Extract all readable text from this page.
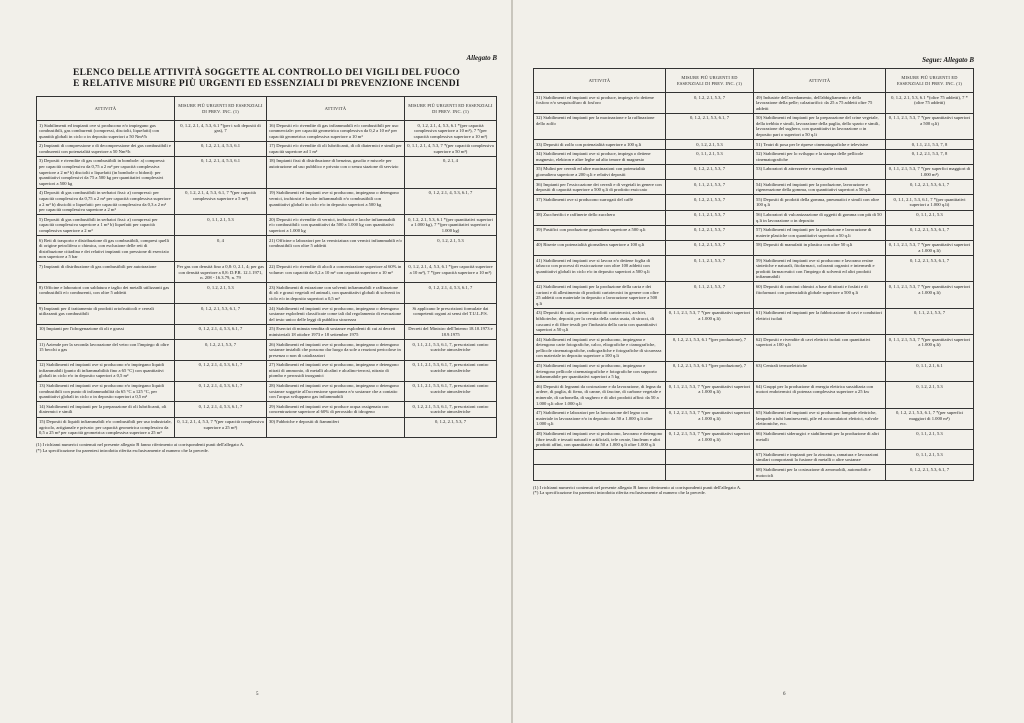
Allegato B
ELENCO DELLE ATTIVITÀ SOGGETTE AL CONTROLLO DEI VIGILI DEL FUOCO
E RELATIVE MISURE PIÙ URGENTI ED ESSENZIALI DI PREVENZIONE INCENDI
ATTIVITÀ	MISURE PIÙ URGENTI ED ESSENZIALI DI PREV. INC. (1)	ATTIVITÀ	MISURE PIÙ URGENTI ED ESSENZIALI DI PREV. INC. (1)
1) Stabilimenti ed impianti ove si producono e/o impiegano gas combustibili, gas comburenti (compressi, disciolti, liquefatti) con quantità globali in ciclo o in deposito superiori a 50 Nm³/h	0, 1.2, 2.1, 4, 5.3, 6.1 *(per i soli depositi di gas), 7	16) Depositi e/o rivendite di gas infiammabili e/o combustibili per uso commerciale: per capacità geometrica complessiva da 0,2 a 10 m³ per capacità geometrica complessiva superiore a 10 m³	0, 1.2, 2.1, 4, 5.3, 6.1 *(per capacità complessiva superiore a 10 m³), 7 *(per capacità complessiva superiore a 10 m³)
2) Impianti di compressione o di decompressione dei gas combustibili e comburenti con potenzialità superiore a 50 Nm³/h	0, 1.2, 2.1, 4, 5.3, 6.1	17) Depositi e/o rivendite di oli lubrificanti, di oli diatermici e simili per capacità superiore ad 1 m³	0, 1.1, 2.1, 4, 5.3, 7 *(per capacità complessiva superiore a 50 m³)
3) Depositi e rivendite di gas combustibili in bombole: a) compressi: per capacità complessiva da 0,75 a 2 m³ per capacità complessiva superiore a 2 m³ b) disciolti o liquefatti (in bombole o bidoni): per quantitativi complessivi da 75 a 500 kg per quantitativi complessivi superiori a 500 kg	0, 1.2, 2.1, 4, 5.3, 6.1	18) Impianti fissi di distribuzione di benzina, gasolio e miscele per autotrazione ad uso pubblico e privato con o senza stazione di servizio	0, 2.1, 4
4) Depositi di gas combustibili in serbatoi fissi: a) compressi: per capacità complessiva da 0,75 a 2 m³ per capacità complessiva superiore a 2 m³ b) disciolti o liquefatti: per capacità complessiva da 0,3 a 2 m³ per capacità complessiva superiore a 2 m³	0, 1.2, 2.1, 4, 5.3, 6.1, 7 *(per capacità complessiva superiore a 5 m³)	19) Stabilimenti ed impianti ove si producono, impiegano o detengono vernici, inchiostri e lacche infiammabili e/o combustibili con quantitativi globali in ciclo e/o in deposito superiori a 500 kg	0, 1.2, 2.1, 4, 5.3, 6.1, 7
5) Depositi di gas combustibili in serbatoi fissi: a) compressi per capacità complessiva superiore a 1 m³ b) liquefatti per capacità complessiva superiore a 2 m³	0, 1.1, 2.1, 5.3	20) Depositi e/o rivendite di vernici, inchiostri e lacche infiammabili e/o combustibili: con quantitativi da 500 a 1.000 kg con quantitativi superiori a 1.000 kg	0, 1.2, 2.1, 5.3, 6.1 *(per quantitativi superiori a 1.000 kg), 7 *(per quantitativi superiori a 1.000 kg)
6) Reti di trasporto e distribuzione di gas combustibili, compresi quelli di origine petrolifera o chimica, con esclusione delle reti di distribuzione cittadina e dei relativi impianti con pressione di esercizio non superiore a 5 bar	0, 4	21) Officine o laboratori per la verniciatura con vernici infiammabili e/o combustibili con oltre 5 addetti	0, 1.2, 2.1, 5.3
7) Impianti di distribuzione di gas combustibili per autotrazione	Per gas con densità fino a 0,8: 0, 2.1, 4; per gas con densità superiore a 0,8: D.P.R. 12.1.1971, n. 208 - 16.3.79, n. 79	22) Depositi e/o rivendite di alcoli a concentrazione superiore al 60% in volume: con capacità da 0,2 a 10 m³ con capacità superiore a 10 m³	0, 1.2, 2.1, 4, 5.3, 6.1 *(per capacità superiore a 10 m³), 7 *(per capacità superiore a 10 m³)
8) Officine e laboratori con saldatura e taglio dei metalli utilizzanti gas combustibili e/o comburenti, con oltre 5 addetti	0, 1.2, 2.1, 5.3	23) Stabilimenti di estrazione con solventi infiammabili e raffinazione di oli e grassi vegetali ed animali, con quantitativi globali di solventi in ciclo e/o in deposito superiori a 0,5 m³	0, 1.2, 2.1, 4, 5.3, 6.1, 7
9) Impianti per il trattamento di prodotti ortofrutticoli e cereali utilizzanti gas combustibili	0, 1.2, 2.1, 5.3, 6.1, 7	24) Stabilimenti ed impianti ove si producono, impiegano o detengono sostanze esplodenti classificate come tali dal regolamento di esecuzione del testo unico delle leggi di pubblica sicurezza	Si applicano le prescrizioni formulate dai competenti organi ai sensi del T.U.L.P.S.
10) Impianti per l'idrogenazione di oli e grassi	0, 1.2, 2.1, 4, 5.3, 6.1, 7	25) Esercizi di minuta vendita di sostanze esplodenti di cui ai decreti ministeriali 18 ottobre 1973 e 18 settembre 1975	Decreti del Ministro dell'Interno 18.10.1973 e 18.9.1975
11) Aziende per la seconda lavorazione del vetro con l'impiego di oltre 15 becchi a gas	0, 1.2, 2.1, 5.3, 7	26) Stabilimenti ed impianti ove si producono, impiegano o detengono sostanze instabili che possono dar luogo da sole a reazioni pericolose in presenza o non di catalizzatori	0, 1.1, 2.1, 5.3, 6.1, 7, prescrizioni contro scariche atmosferiche
12) Stabilimenti ed impianti ove si producono e/o impiegano liquidi infiammabili (punto di infiammabilità fino a 65 °C) con quantitativi globali in ciclo e/o in deposito superiori a 0,5 m³	0, 1.2, 2.1, 4, 5.3, 6.1, 7	27) Stabilimenti ed impianti ove si producono, impiegano e detengono nitrati di ammonio, di metalli alcalini e alcalino-terrosi, nitrato di piombo e perossidi inorganici	0, 1.1, 2.1, 5.3, 6.1, 7, prescrizioni contro scariche atmosferiche
13) Stabilimenti ed impianti ove si producono e/o impiegano liquidi combustibili con punto di infiammabilità da 65 °C a 125 °C, per quantitativi globali in ciclo o in deposito superiori a 0,5 m³	0, 1.2, 2.1, 4, 5.3, 6.1, 7	28) Stabilimenti ed impianti ove si producono, impiegano o detengono sostanze soggette all'accensione spontanea e/o sostanze che a contatto con l'acqua sviluppano gas infiammabili	0, 1.1, 2.1, 5.3, 6.1, 7, prescrizioni contro scariche atmosferiche
14) Stabilimenti ed impianti per la preparazione di oli lubrificanti, oli diatermici e simili	0, 1.2, 2.1, 4, 5.3, 6.1, 7	29) Stabilimenti ed impianti ove si produce acqua ossigenata con concentrazione superiore al 60% di perossido di idrogeno	0, 1.2, 2.1, 5.3, 6.1, 7, prescrizioni contro scariche atmosferiche
15) Depositi di liquidi infiammabili e/o combustibili per uso industriale, agricolo, artigianale e privato: per capacità geometrica complessiva da 0,5 a 25 m³ per capacità geometrica complessiva superiore a 25 m³	0, 1.2, 2.1, 4, 5.3, 7 *(per capacità complessiva superiore a 25 m³)	30) Fabbriche e depositi di fiammiferi	0, 1.2, 2.1, 5.3, 7
(1) I richiami numerici contenuti nel presente allegato B fanno riferimento ai corrispondenti punti dell'allegato A.
(*) La specificazione fra parentesi introdotta riferita esclusivamente al numero che la precede.
5
Segue: Allegato B
ATTIVITÀ	MISURE PIÙ URGENTI ED ESSENZIALI DI PREV. INC. (1)	ATTIVITÀ	MISURE PIÙ URGENTI ED ESSENZIALI DI PREV. INC. (1)
31) Stabilimenti ed impianti ove si produce, impiega e/o detiene fosforo e/o sesquisolfuro di fosforo	0, 1.2, 2.1, 5.3, 7	49) Industrie dell'arredamento, dell'abbigliamento e della lavorazione della pelle; calzaturifici: da 25 a 75 addetti oltre 75 addetti	0, 1.2, 2.1, 5.3, 6.1 *(oltre 75 addetti), 7 *(oltre 75 addetti)
32) Stabilimenti ed impianti per la macinazione e la raffinazione dello zolfo	0, 1.2, 2.1, 5.3, 6.1, 7	50) Stabilimenti ed impianti per la preparazione del crine vegetale, della trebbia e simili, lavorazione della paglia, dello sparto e simili, lavorazione del sughero, con quantitativi in lavorazione o in deposito pari o superiori a 50 q.li	0, 1.1, 2.1, 5.3, 7 *(per quantitativi superiori a 500 q.li)
33) Depositi di zolfo con potenzialità superiore a 100 q.li	0, 1.2, 2.1, 5.3	51) Teatri di posa per le riprese cinematografiche e televisive	0, 1.1, 2.1, 5.3, 7, 8
34) Stabilimenti ed impianti ove si produce, impiega o detiene magnesio, elektron e altre leghe ad alto tenore di magnesio	0, 1.1, 2.1, 5.3	52) Stabilimenti per lo sviluppo e la stampa delle pellicole cinematografiche	0, 1.2, 2.1, 5.3, 7, 8
35) Mulini per cereali ed altre macinazioni con potenzialità giornaliera superiore a 200 q.li e relativi depositi	0, 1.2, 2.1, 5.3, 7	53) Laboratori di attrezzerie e scenografie teatrali	0, 1.1, 2.1, 5.3, 7 *(per superfici maggiori di 1.000 m²)
36) Impianti per l'essiccazione dei cereali e di vegetali in genere con depositi di capacità superiore a 500 q.li di prodotto essiccato	0, 1.1, 2.1, 5.3, 7	54) Stabilimenti ed impianti per la produzione, lavorazione e rigenerazione della gomma, con quantitativi superiori a 50 q.li	0, 1.2, 2.1, 5.3, 6.1, 7
37) Stabilimenti ove si producono surrogati del caffè	0, 1.2, 2.1, 5.3, 7	55) Depositi di prodotti della gomma, pneumatici e simili con oltre 100 q.li	0, 1.1, 2.1, 5.3, 6.1, 7 *(per quantitativi superiori a 1.000 q.li)
38) Zuccherifici e raffinerie dello zucchero	0, 1.1, 2.1, 5.3, 7	56) Laboratori di vulcanizzazione di oggetti di gomma con più di 50 q.li in lavorazione o in deposito	0, 1.1, 2.1, 5.3
39) Pastifici con produzione giornaliera superiore a 500 q.li	0, 1.2, 2.1, 5.3, 7	57) Stabilimenti ed impianti per la produzione e lavorazione di materie plastiche con quantitativi superiori a 50 q.li	0, 1.2, 2.1, 5.3, 6.1, 7
40) Riserie con potenzialità giornaliera superiore a 100 q.li	0, 1.2, 2.1, 5.3, 7	58) Depositi di manufatti in plastica con oltre 50 q.li	0, 1.1, 2.1, 5.3, 7 *(per quantitativi superiori a 1.000 q.li)
41) Stabilimenti ed impianti ove si lavora e/o detiene foglia di tabacco con processi di essiccazione con oltre 100 addetti con quantitativi globali in ciclo e/o in deposito superiori a 500 q.li	0, 1.1, 2.1, 5.3, 7	59) Stabilimenti ed impianti ove si producono e lavorano resine sintetiche e naturali, fitofarmaci, coloranti organici e intermedi e prodotti farmaceutici con l'impiego di solventi ed altri prodotti infiammabili	0, 1.2, 2.1, 5.3, 6.1, 7
42) Stabilimenti ed impianti per la produzione della carta e dei cartoni e di allestimento di prodotti cartotecnici in genere con oltre 25 addetti con materiale in deposito o lavorazione superiore a 500 q.li	0, 1.1, 2.1, 5.3, 7	60) Depositi di concimi chimici a base di nitrati e fosfati e di fitofarmaci con potenzialità globale superiore a 500 q.li	0, 1.1, 2.1, 5.3, 7 *(per quantitativi superiori a 1.000 q.li)
43) Depositi di carta, cartoni e prodotti cartotecnici, archivi, biblioteche, depositi per la cernita della carta usata, di stracci, di cascami e di fibre tessili per l'industria della carta con quantitativi superiori a 50 q.li	0, 1.1, 2.1, 5.3, 7 *(per quantitativi superiori a 1.000 q.li)	61) Stabilimenti ed impianti per la fabbricazione di cavi e conduttori elettrici isolati	0, 1.1, 2.1, 5.3, 7
44) Stabilimenti ed impianti ove si producono, impiegano e detengono carte fotografiche, calco, eliografiche e cianografiche, pellicole cinematografiche, radiografiche e fotografiche di sicurezza con materiale in deposito superiore a 100 q.li	0, 1.2, 2.1, 5.3, 6.1 *(per produzione), 7	62) Depositi e rivendite di cavi elettrici isolati con quantitativi superiori a 100 q.li	0, 1.1, 2.1, 5.3, 7 *(per quantitativi superiori a 1.000 q.li)
45) Stabilimenti ed impianti ove si producono, impiegano e detengono pellicole cinematografiche e fotografiche con supporto infiammabile per quantitativi superiori a 5 kg	0, 1.2, 2.1, 5.3, 6.1 *(per produzione), 7	63) Centrali termoelettriche	0, 1.1, 2.1, 6.1
46) Depositi di legnami da costruzione e da lavorazione, di legna da ardere, di paglia, di fieno, di canne, di fascine, di carbone vegetale e minerale, di carbonella, di sughero e di altri prodotti affini: da 50 a 1.000 q.li oltre 1.000 q.li	0, 1.1, 2.1, 5.3, 7 *(per quantitativi superiori a 1.000 q.li)	64) Gruppi per la produzione di energia elettrica sussidiaria con motori endotermici di potenza complessiva superiore a 25 kw	0, 1.2, 2.1, 5.3
47) Stabilimenti e laboratori per la lavorazione del legno con materiale in lavorazione e/o in deposito: da 50 a 1.000 q.li oltre 1.000 q.li	0, 1.2, 2.1, 5.3, 7 *(per quantitativi superiori a 1.000 q.li)	65) Stabilimenti ed impianti ove si producono lampade elettriche, lampade a tubi luminescenti, pile ed accumulatori elettrici, valvole elettroniche, ecc.	0, 1.2, 2.1, 5.3, 6.1, 7 *(per superfici maggiori di 1.000 m²)
48) Stabilimenti ed impianti ove si producono, lavorano e detengono fibre tessili e tessuti naturali e artificiali, tele cerate, linoleum e altri prodotti affini, con quantitativi: da 50 a 1.000 q.li oltre 1.000 q.li	0, 1.2, 2.1, 5.3, 7 *(per quantitativi superiori a 1.000 q.li)	66) Stabilimenti siderurgici e stabilimenti per la produzione di altri metalli	0, 1.1, 2.1, 5.3
		67) Stabilimenti e impianti per la zincatura, ramatura e lavorazioni similari comportanti la fusione di metalli o altre sostanze	0, 1.1, 2.1, 5.3
		68) Stabilimenti per la costruzione di aeromobili, automobili e motocicli	0, 1.2, 2.1, 5.3, 6.1, 7
(1) I richiami numerici contenuti nel presente allegato B fanno riferimento ai corrispondenti punti dell'allegato A.
(*) La specificazione fra parentesi introdotta riferita esclusivamente al numero che la precede.
6
